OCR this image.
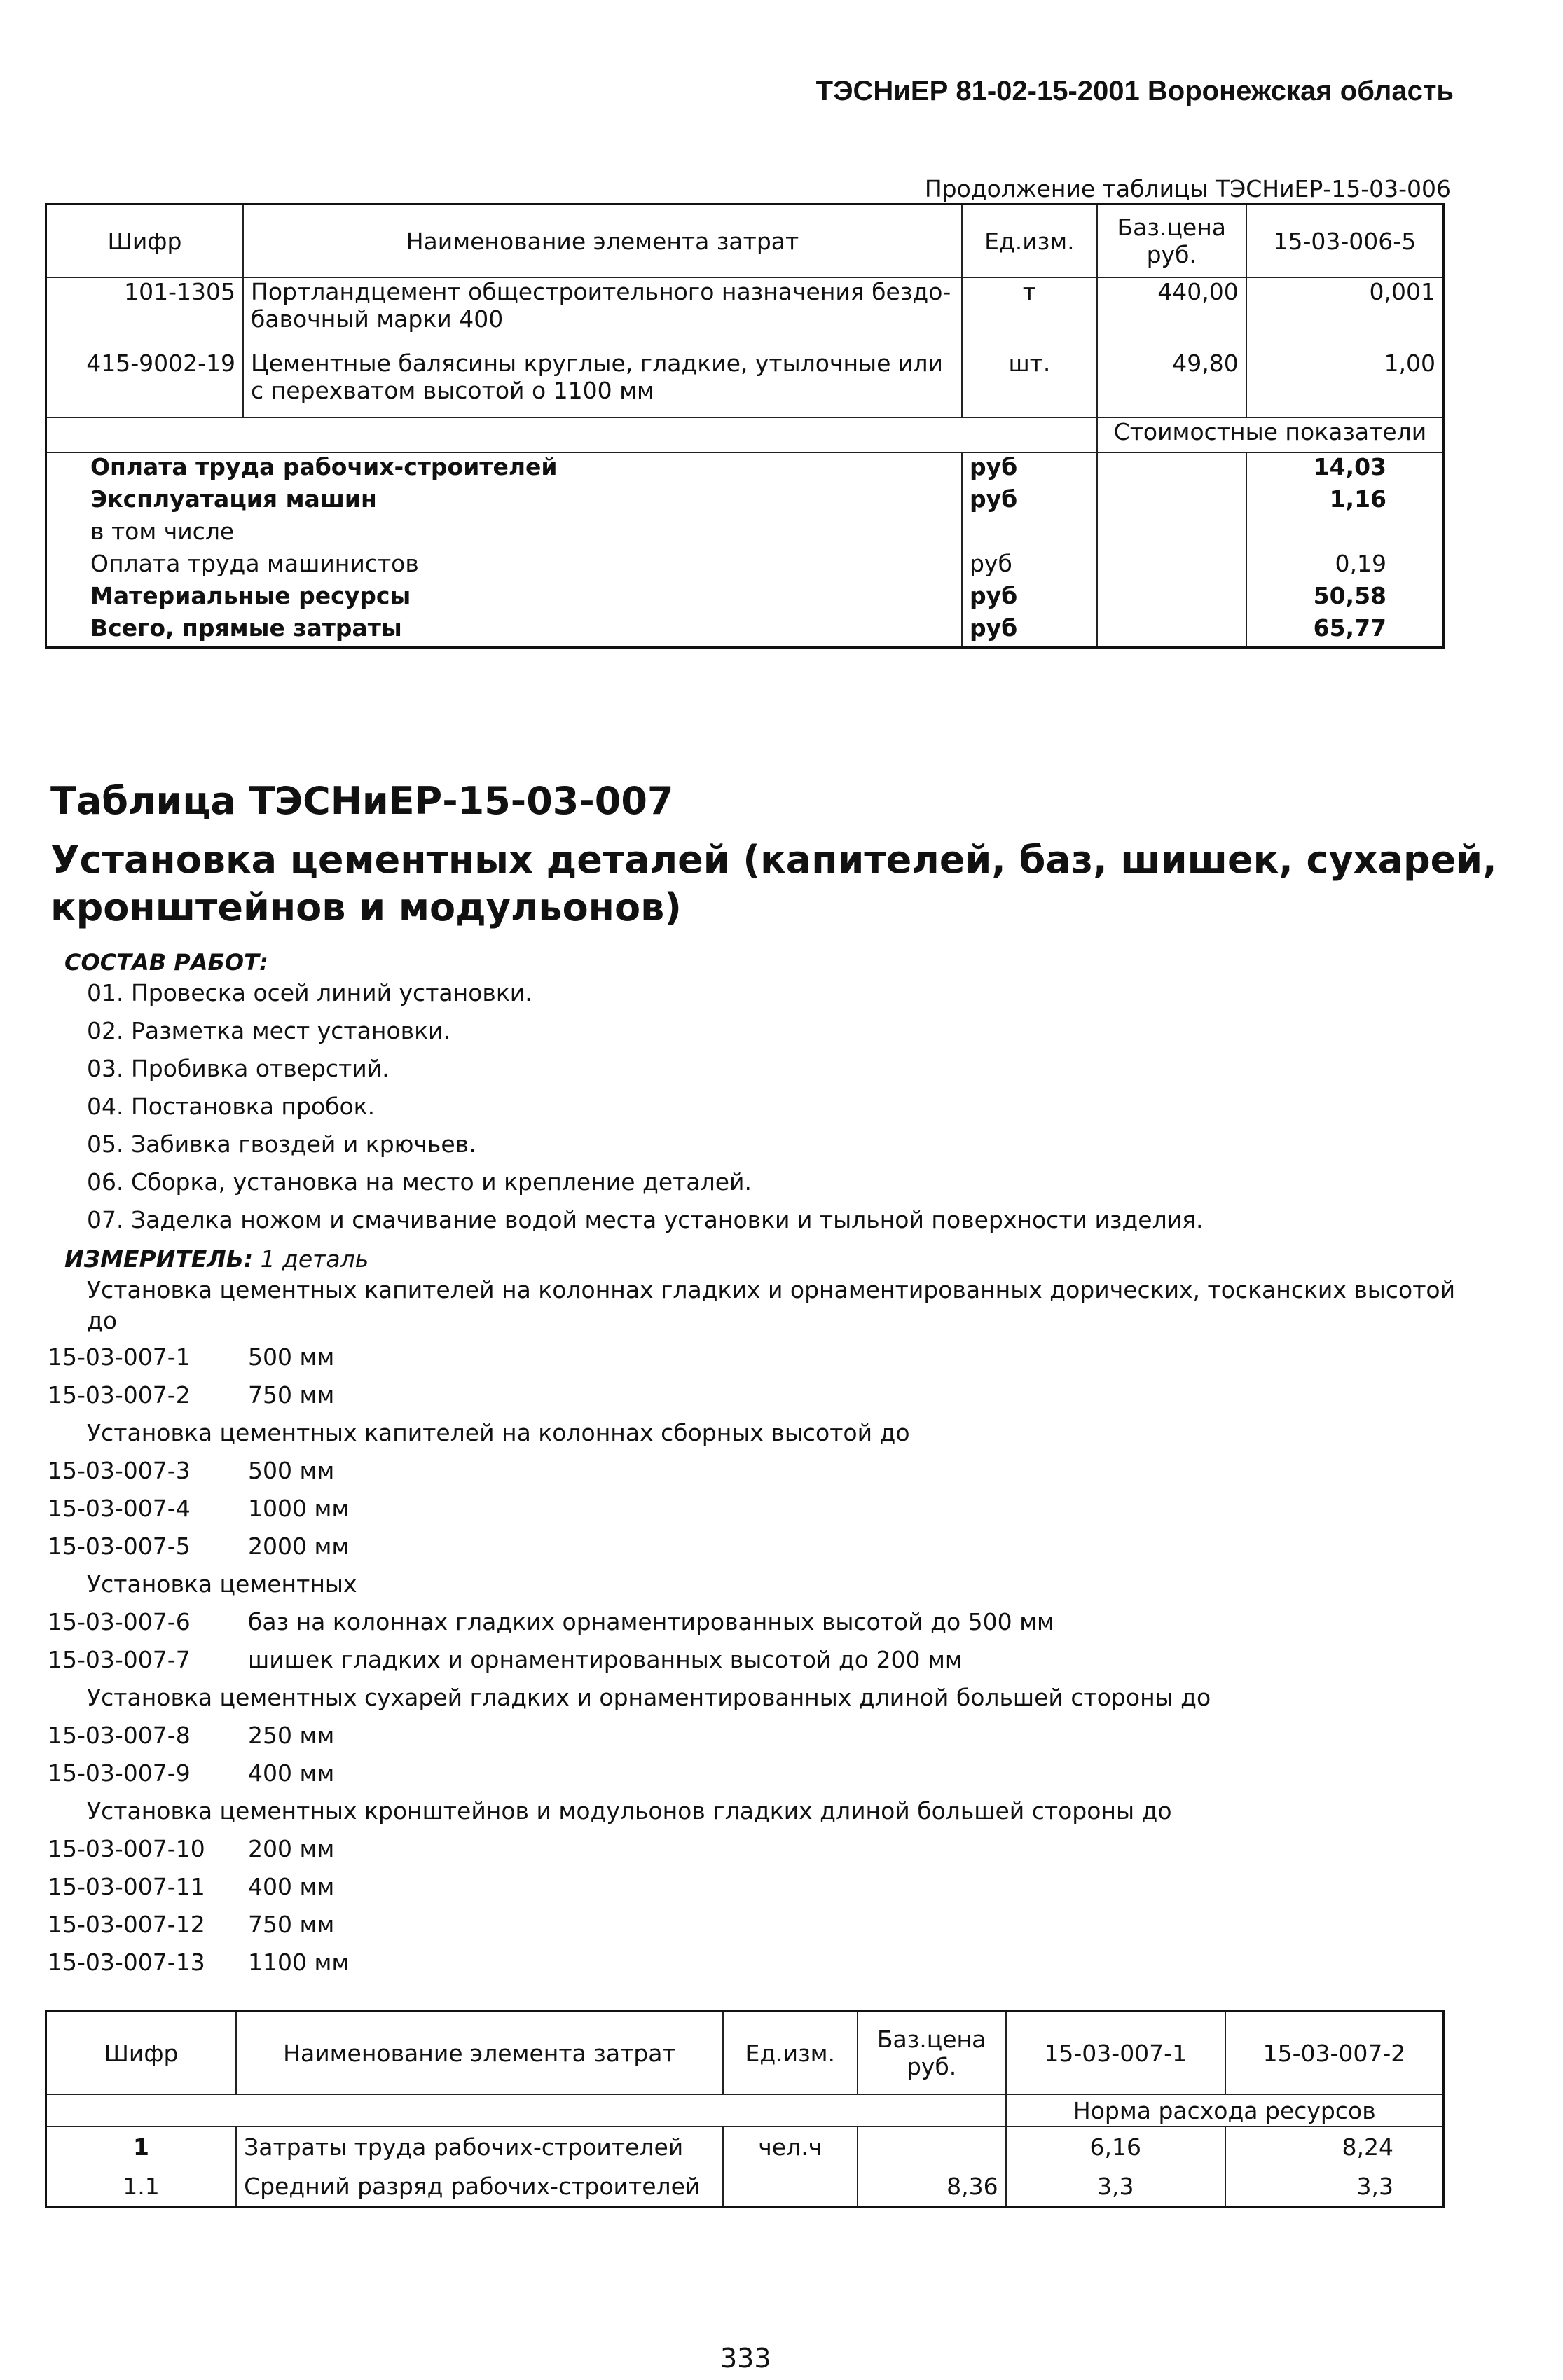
ТЭСНиЕР 81-02-15-2001 Воронежская область
Продолжение таблицы ТЭСНиЕР-15-03-006
Шифр	Наименование элемента затрат	Ед.изм.	Баз.цена руб.	15-03-006-5
101-1305	Портландцемент общестроительного назначения бездо-бавочный марки 400	т	440,00	0,001
415-9002-19	Цементные балясины круглые, гладкие, утылочные или с перехватом высотой о 1100 мм	шт.	49,80	1,00
			Стоимостные показатели	
Оплата труда рабочих-строителей		руб		14,03
Эксплуатация машин		руб		1,16
в том числе				
Оплата труда машинистов		руб		0,19
Материальные ресурсы		руб		50,58
Всего, прямые затраты		руб		65,77
Таблица ТЭСНиЕР-15-03-007
Установка цементных деталей (капителей, баз, шишек, сухарей,
кронштейнов и модульонов)
СОСТАВ РАБОТ:
01. Провеска осей линий установки.
02. Разметка мест установки.
03. Пробивка отверстий.
04. Постановка пробок.
05. Забивка гвоздей и крючьев.
06. Сборка, установка на место и крепление деталей.
07. Заделка ножом и смачивание водой места установки и тыльной поверхности изделия.
ИЗМЕРИТЕЛЬ: 1 деталь
Установка цементных капителей на колоннах гладких и орнаментированных дорических, тосканских высотой
до
15-03-007-1 500 мм
15-03-007-2 750 мм
Установка цементных капителей на колоннах сборных высотой до
15-03-007-3 500 мм
15-03-007-4 1000 мм
15-03-007-5 2000 мм
Установка цементных
15-03-007-6 баз на колоннах гладких орнаментированных высотой до 500 мм
15-03-007-7 шишек гладких и орнаментированных высотой до 200 мм
Установка цементных сухарей гладких и орнаментированных длиной большей стороны до
15-03-007-8 250 мм
15-03-007-9 400 мм
Установка цементных кронштейнов и модульонов гладких длиной большей стороны до
15-03-007-10 200 мм
15-03-007-11 400 мм
15-03-007-12 750 мм
15-03-007-13 1100 мм
Шифр	Наименование элемента затрат	Ед.изм.	Баз.цена руб.	15-03-007-1	15-03-007-2
				Норма расхода ресурсов	
1	Затраты труда рабочих-строителей	чел.ч		6,16	8,24
1.1	Средний разряд рабочих-строителей		8,36	3,3	3,3
333
